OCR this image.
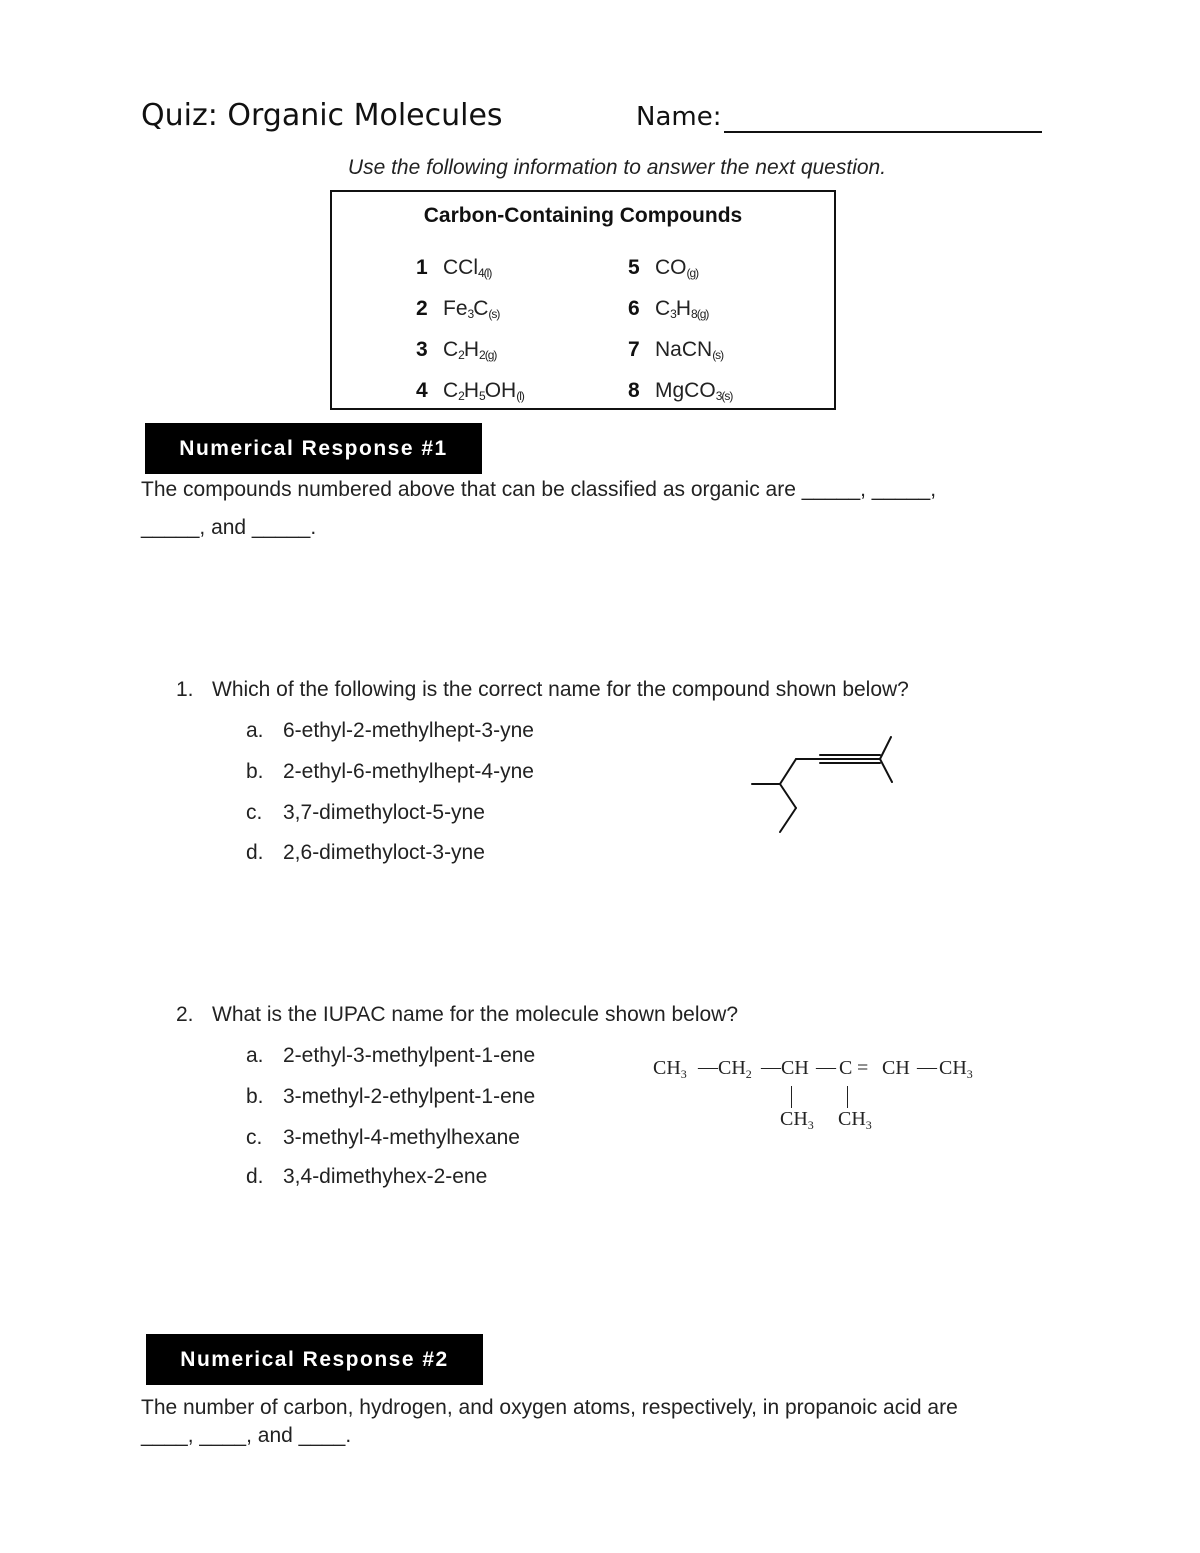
Quiz: Organic Molecules	Name:
Use the following information to answer the next question.
Carbon-Containing Compounds
1 CCl$_{4(l)}$
2 $Fe_3C_{(s)}$
3 $C_2H_{2(g)}$
4 $C_2H_5OH_{(l)}$
5 $CO_{(g)}$
6 $C_3H_{8(g)}$
7 NaCN$_{(s)}$
8 MgCO$_{3(s)}$
Numerical Response #1
The compounds numbered above that can be classified as organic are _____, _____,
_____, and _____.
1. Which of the following is the correct name for the compound shown below?
a. 6-ethyl-2-methylhept-3-yne
b. 2-ethyl-6-methylhept-4-yne
c. 3,7-dimethyloct-5-yne
d. 2,6-dimethyloct-3-yne
2. What is the IUPAC name for the molecule shown below?
a. 2-ethyl-3-methylpent-1-ene
b. 3-methyl-2-ethylpent-1-ene
c. 3-methyl-4-methylhexane
d. 3,4-dimethyhex-2-ene
$CH_3$ — $CH_2$ — CH — C = CH — $CH_3$
$CH_3$ $CH_3$
Numerical Response #2
The number of carbon, hydrogen, and oxygen atoms, respectively, in propanoic acid are
____, ____, and ____.
